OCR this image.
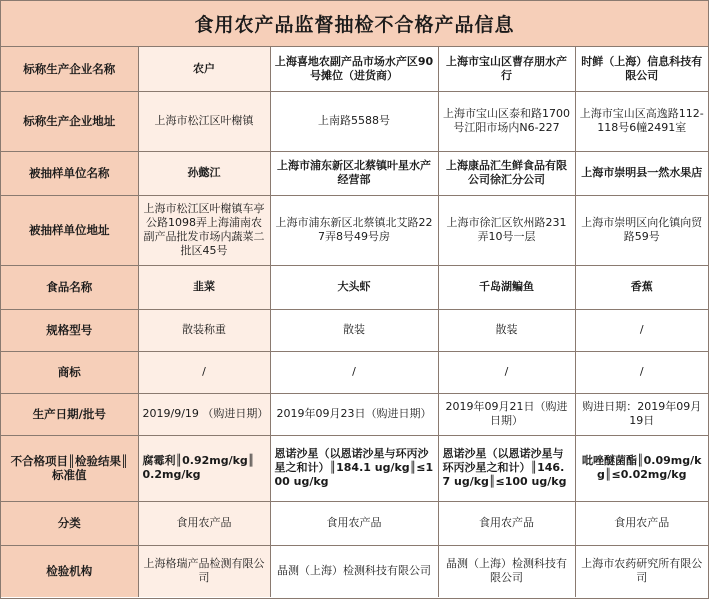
食用农产品监督抽检不合格产品信息
标称生产企业名称	农户	上海喜地农副产品市场水产区90号摊位（进货商）	上海市宝山区曹存朋水产行	时鲜（上海）信息科技有限公司
标称生产企业地址	上海市松江区叶榭镇	上南路5588号	上海市宝山区泰和路1700号江阳市场内N6-227	上海市宝山区高逸路112-118号6幢2491室
被抽样单位名称	孙懿江	上海市浦东新区北蔡镇叶星水产经营部	上海康品汇生鲜食品有限公司徐汇分公司	上海市崇明县一然水果店
被抽样单位地址	上海市松江区叶榭镇车亭公路1098弄上海浦南农副产品批发市场内蔬菜二批区45号	上海市浦东新区北蔡镇北艾路227弄8号49号房	上海市徐汇区钦州路231弄10号一层	上海市崇明区向化镇向贸路59号
食品名称	韭菜	大头虾	千岛湖鳊鱼	香蕉
规格型号	散装称重	散装	散装	/
商标	/	/	/	/
生产日期/批号	2019/9/19 （购进日期）	2019年09月23日（购进日期）	2019年09月21日（购进日期）	购进日期：2019年09月19日
不合格项目║检验结果║标准值	腐霉利║0.92mg/kg║0.2mg/kg	恩诺沙星（以恩诺沙星与环丙沙星之和计）║184.1 ug/kg║≤100 ug/kg	恩诺沙星（以恩诺沙星与环丙沙星之和计）║146.7 ug/kg║≤100 ug/kg	吡唑醚菌酯║0.09mg/kg║≤0.02mg/kg
分类	食用农产品	食用农产品	食用农产品	食用农产品
检验机构	上海格瑞产品检测有限公司	晶测（上海）检测科技有限公司	晶测（上海）检测科技有限公司	上海市农药研究所有限公司
